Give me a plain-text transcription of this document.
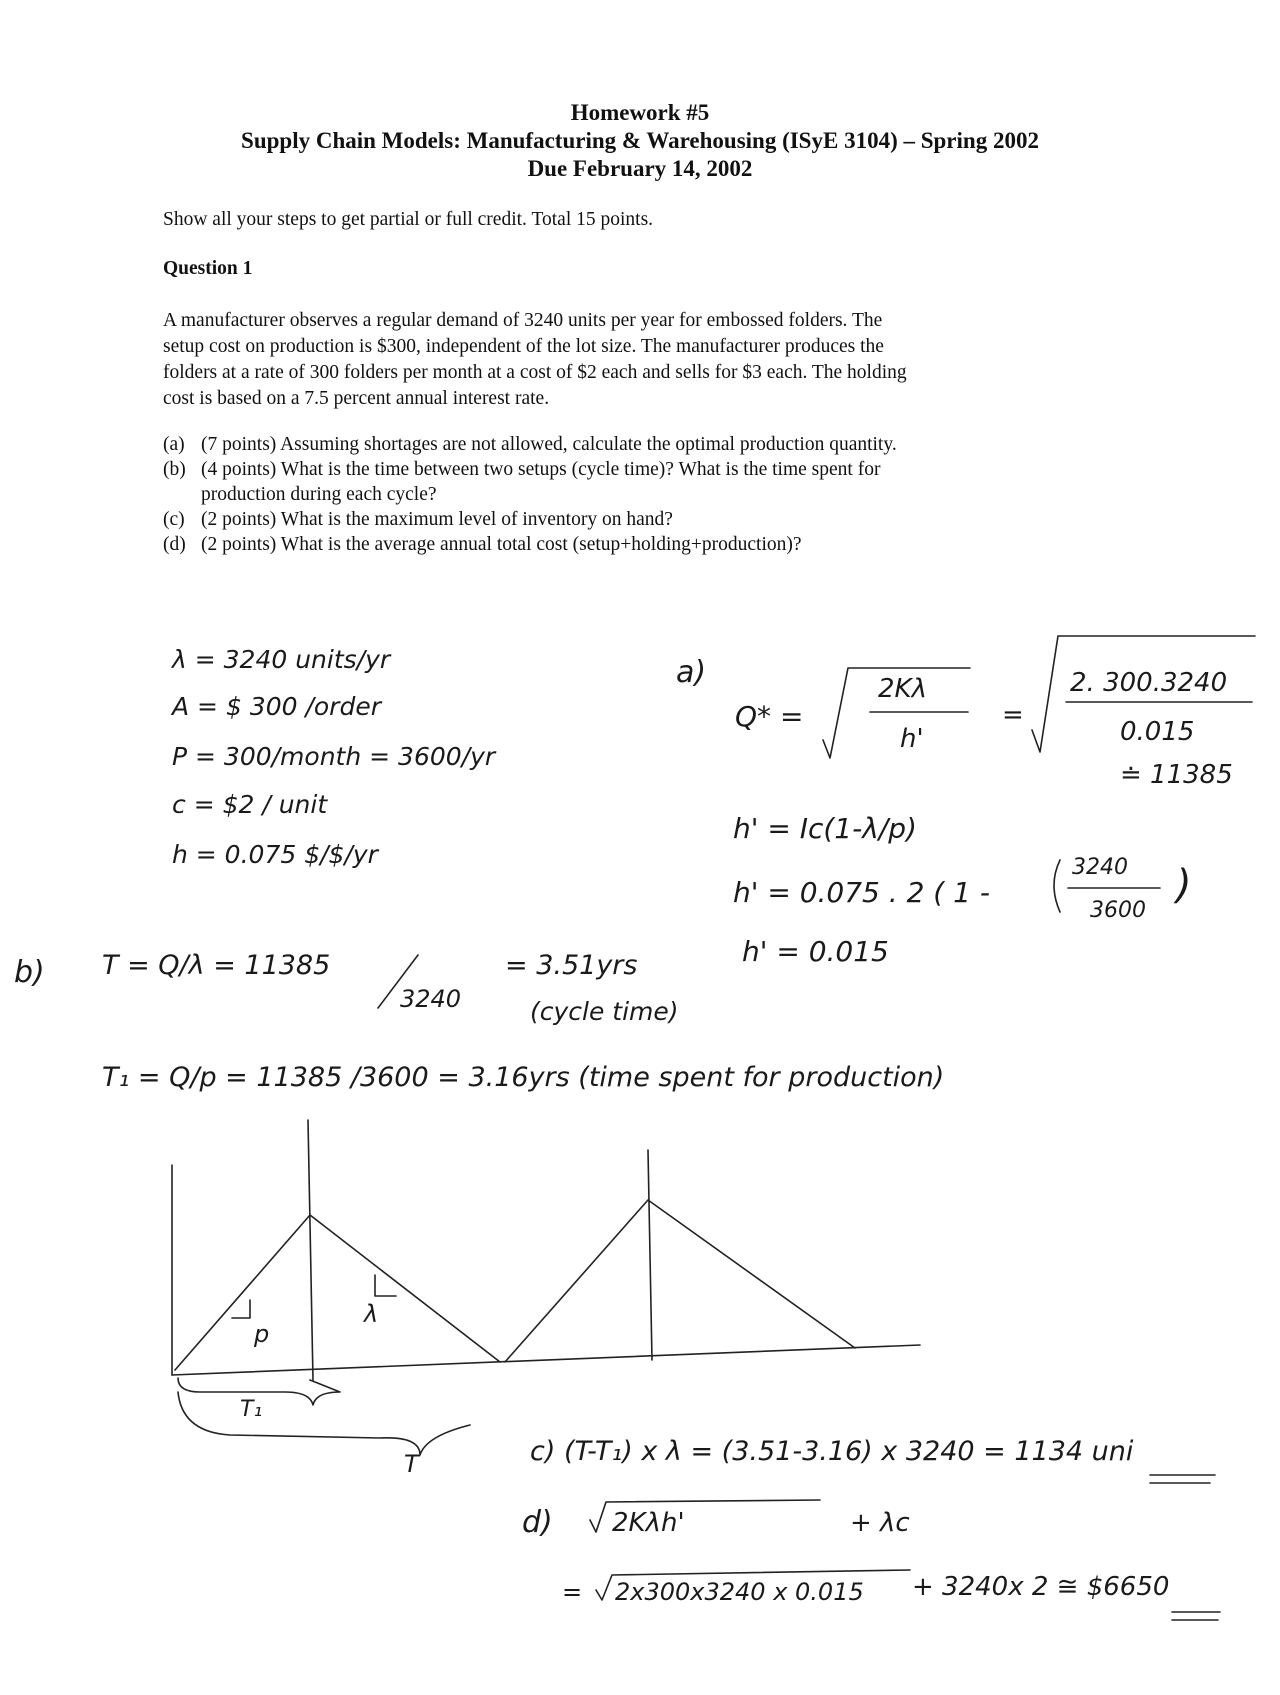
Homework #5
Supply Chain Models: Manufacturing & Warehousing (ISyE 3104) – Spring 2002
Due February 14, 2002
Show all your steps to get partial or full credit. Total 15 points.
Question 1
A manufacturer observes a regular demand of 3240 units per year for embossed folders. The
setup cost on production is $300, independent of the lot size. The manufacturer produces the
folders at a rate of 300 folders per month at a cost of $2 each and sells for $3 each. The holding
cost is based on a 7.5 percent annual interest rate.
(a) (7 points) Assuming shortages are not allowed, calculate the optimal production quantity.
(b) (4 points) What is the time between two setups (cycle time)? What is the time spent for
production during each cycle?
(c) (2 points) What is the maximum level of inventory on hand?
(d) (2 points) What is the average annual total cost (setup+holding+production)?
λ = 3240 units/yr
A = $ 300 /order
P = 300/month = 3600/yr
c = $2 / unit
h = 0.075 $/$/yr
a)
Q* =
2Kλ
h'
=
2. 300.3240
0.015
≐ 11385
h' = Ic(1-λ/p)
h' = 0.075 . 2 ( 1 -
3240
3600
)
h' = 0.015
b) T = Q/λ = 11385
3240
= 3.51yrs
(cycle time)
T₁ = Q/p = 11385 /3600 = 3.16yrs (time spent for production)
p
λ
T₁
T	c) (T-T₁) x λ = (3.51-3.16) x 3240 = 1134 uni
d) 2Kλh'	+ λc
= 2x300x3240 x 0.015 + 3240x 2 ≅ $6650
